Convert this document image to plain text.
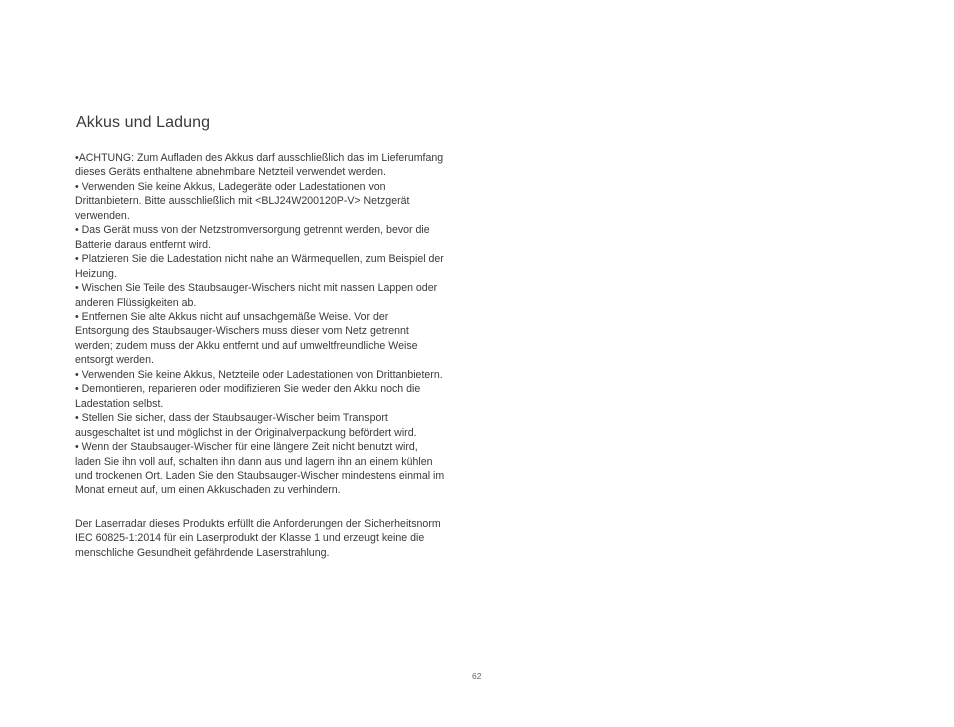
Akkus und Ladung

•ACHTUNG: Zum Aufladen des Akkus darf ausschließlich das im Lieferumfang dieses Geräts enthaltene abnehmbare Netzteil verwendet werden.

• Verwenden Sie keine Akkus, Ladegeräte oder Ladestationen von Drittanbietern. Bitte ausschließlich mit <BLJ24W200120P-V> Netzgerät verwenden.

• Das Gerät muss von der Netzstromversorgung getrennt werden, bevor die Batterie daraus entfernt wird.

• Platzieren Sie die Ladestation nicht nahe an Wärmequellen, zum Beispiel der Heizung.

• Wischen Sie Teile des Staubsauger-Wischers nicht mit nassen Lappen oder anderen Flüssigkeiten ab.

• Entfernen Sie alte Akkus nicht auf unsachgemäße Weise. Vor der Entsorgung des Staubsauger-Wischers muss dieser vom Netz getrennt werden; zudem muss der Akku entfernt und auf umweltfreundliche Weise entsorgt werden.

• Verwenden Sie keine Akkus, Netzteile oder Ladestationen von Drittanbietern.

• Demontieren, reparieren oder modifizieren Sie weder den Akku noch die Ladestation selbst.

• Stellen Sie sicher, dass der Staubsauger-Wischer beim Transport ausgeschaltet ist und möglichst in der Originalverpackung befördert wird.

• Wenn der Staubsauger-Wischer für eine längere Zeit nicht benutzt wird, laden Sie ihn voll auf, schalten ihn dann aus und lagern ihn an einem kühlen und trockenen Ort. Laden Sie den Staubsauger-Wischer mindestens einmal im Monat erneut auf, um einen Akkuschaden zu verhindern.

Der Laserradar dieses Produkts erfüllt die Anforderungen der Sicherheitsnorm IEC 60825-1:2014 für ein Laserprodukt der Klasse 1 und erzeugt keine die menschliche Gesundheit gefährdende Laserstrahlung.

62
